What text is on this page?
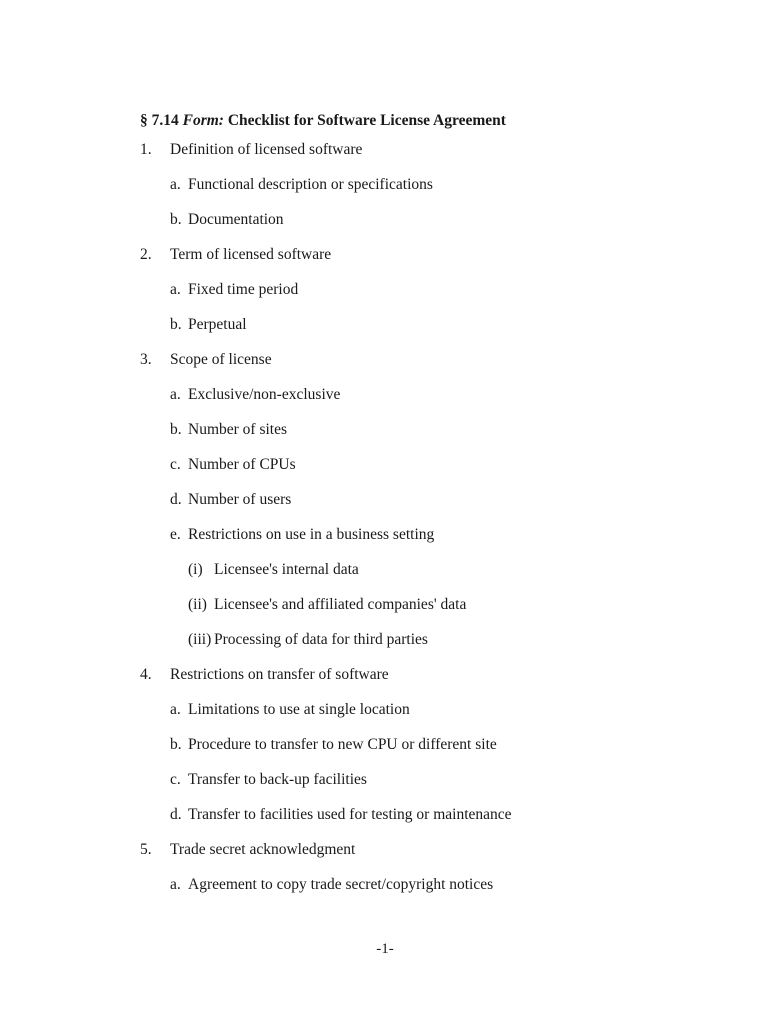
§ 7.14 Form: Checklist for Software License Agreement
1.	Definition of licensed software
a. Functional description or specifications
b. Documentation
2.	Term of licensed software
a. Fixed time period
b. Perpetual
3.	Scope of license
a. Exclusive/non-exclusive
b. Number of sites
c. Number of CPUs
d. Number of users
e. Restrictions on use in a business setting
(i) Licensee's internal data
(ii) Licensee's and affiliated companies' data
(iii) Processing of data for third parties
4.	Restrictions on transfer of software
a. Limitations to use at single location
b. Procedure to transfer to new CPU or different site
c. Transfer to back-up facilities
d. Transfer to facilities used for testing or maintenance
5.	Trade secret acknowledgment
a. Agreement to copy trade secret/copyright notices
-1-
